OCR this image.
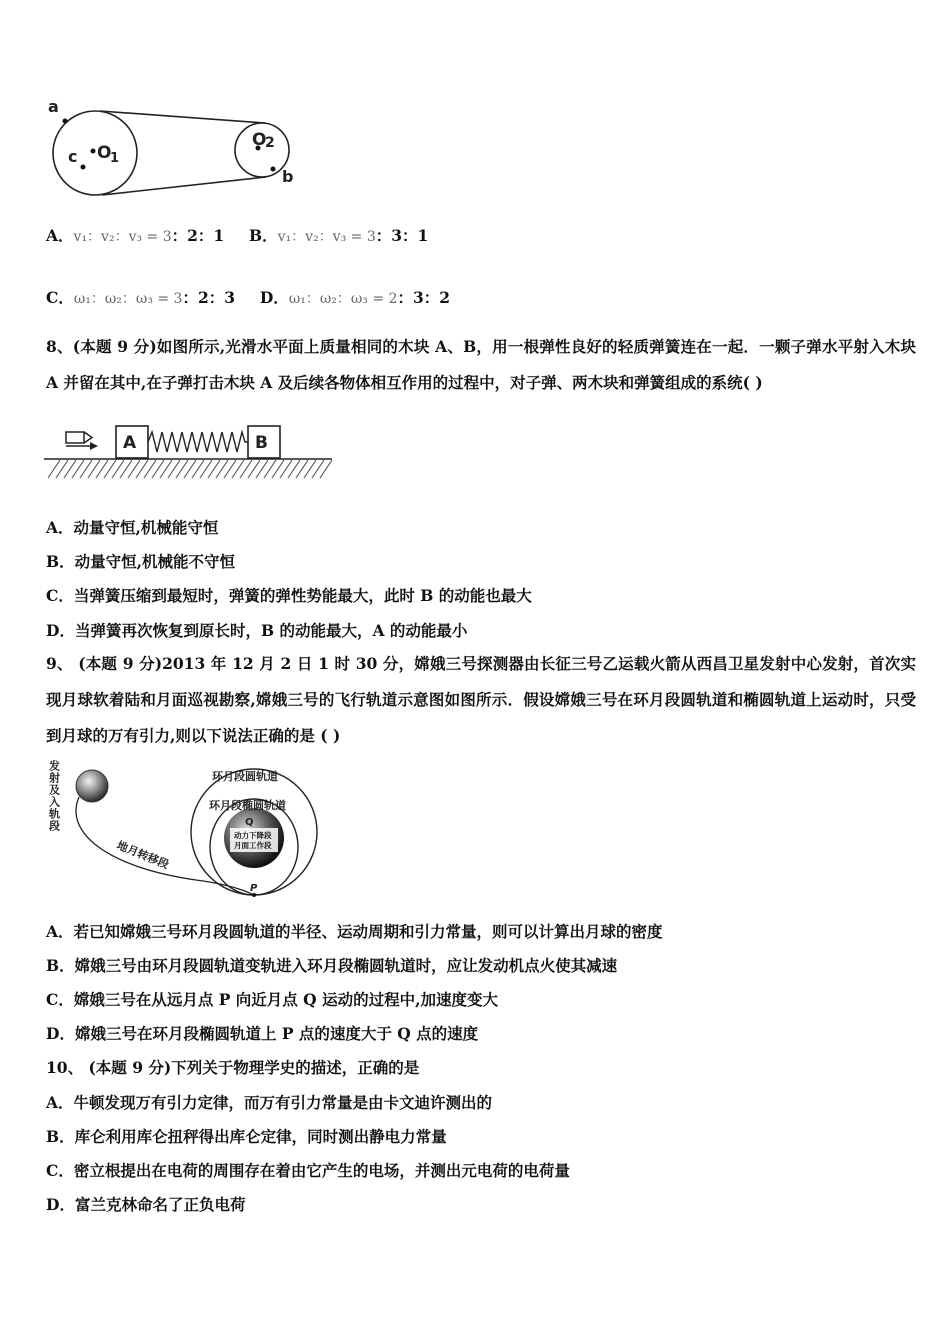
a
c O
1
O
2
b
A．v₁：v₂：v₃ = 3：2：1 B．v₁：v₂：v₃ = 3：3：1
C．ω₁：ω₂：ω₃ = 3：2：3 D．ω₁：ω₂：ω₃ = 2：3：2
8、(本题 9 分)如图所示,光滑水平面上质量相同的木块 A、B，用一根弹性良好的轻质弹簧连在一起．一颗子弹水平射入木块 A 并留在其中,在子弹打击木块 A 及后续各物体相互作用的过程中，对子弹、两木块和弹簧组成的系统( )
A	B
A．动量守恒,机械能守恒
B．动量守恒,机械能不守恒
C．当弹簧压缩到最短时，弹簧的弹性势能最大，此时 B 的动能也最大
D．当弹簧再次恢复到原长时，B 的动能最大，A 的动能最小
9、 (本题 9 分)2013 年 12 月 2 日 1 时 30 分，嫦娥三号探测器由长征三号乙运载火箭从西昌卫星发射中心发射，首次实现月球软着陆和月面巡视勘察,嫦娥三号的飞行轨道示意图如图所示．假设嫦娥三号在环月段圆轨道和椭圆轨道上运动时，只受到月球的万有引力,则以下说法正确的是 ( )
发射及入轨段
动力下降段
月面工作段
环月段圆轨道
环月段椭圆轨道
地月转移段
Q
P
A．若已知嫦娥三号环月段圆轨道的半径、运动周期和引力常量，则可以计算出月球的密度
B．嫦娥三号由环月段圆轨道变轨进入环月段椭圆轨道时，应让发动机点火使其减速
C．嫦娥三号在从远月点 P 向近月点 Q 运动的过程中,加速度变大
D．嫦娥三号在环月段椭圆轨道上 P 点的速度大于 Q 点的速度
10、 (本题 9 分)下列关于物理学史的描述，正确的是
A．牛顿发现万有引力定律，而万有引力常量是由卡文迪许测出的
B．库仑利用库仑扭秤得出库仑定律，同时测出静电力常量
C．密立根提出在电荷的周围存在着由它产生的电场，并测出元电荷的电荷量
D．富兰克林命名了正负电荷
